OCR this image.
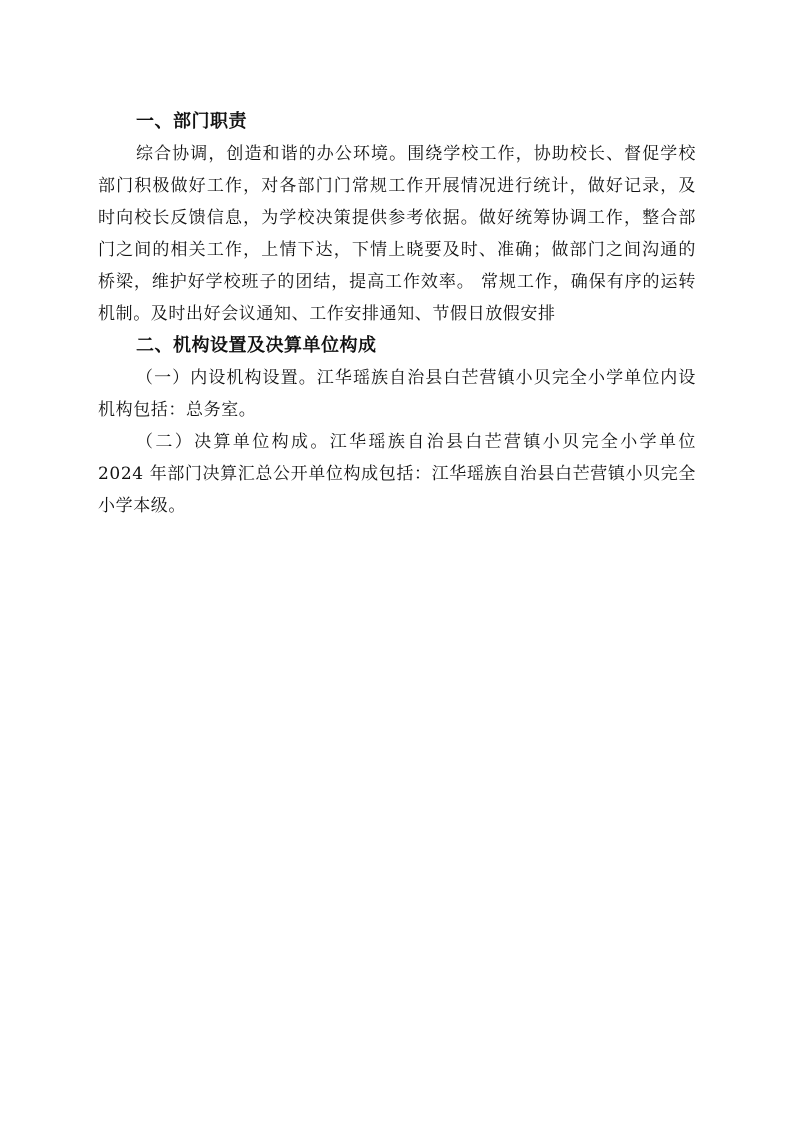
一、部门职责

综合协调，创造和谐的办公环境。围绕学校工作，协助校长、督促学校部门积极做好工作，对各部门门常规工作开展情况进行统计，做好记录，及时向校长反馈信息，为学校决策提供参考依据。做好统筹协调工作，整合部门之间的相关工作，上情下达，下情上晓要及时、准确；做部门之间沟通的桥梁，维护好学校班子的团结，提高工作效率。 常规工作，确保有序的运转机制。及时出好会议通知、工作安排通知、节假日放假安排

二、机构设置及决算单位构成

（一）内设机构设置。江华瑶族自治县白芒营镇小贝完全小学单位内设机构包括：总务室。

（二）决算单位构成。江华瑶族自治县白芒营镇小贝完全小学单位 2024 年部门决算汇总公开单位构成包括：江华瑶族自治县白芒营镇小贝完全小学本级。
